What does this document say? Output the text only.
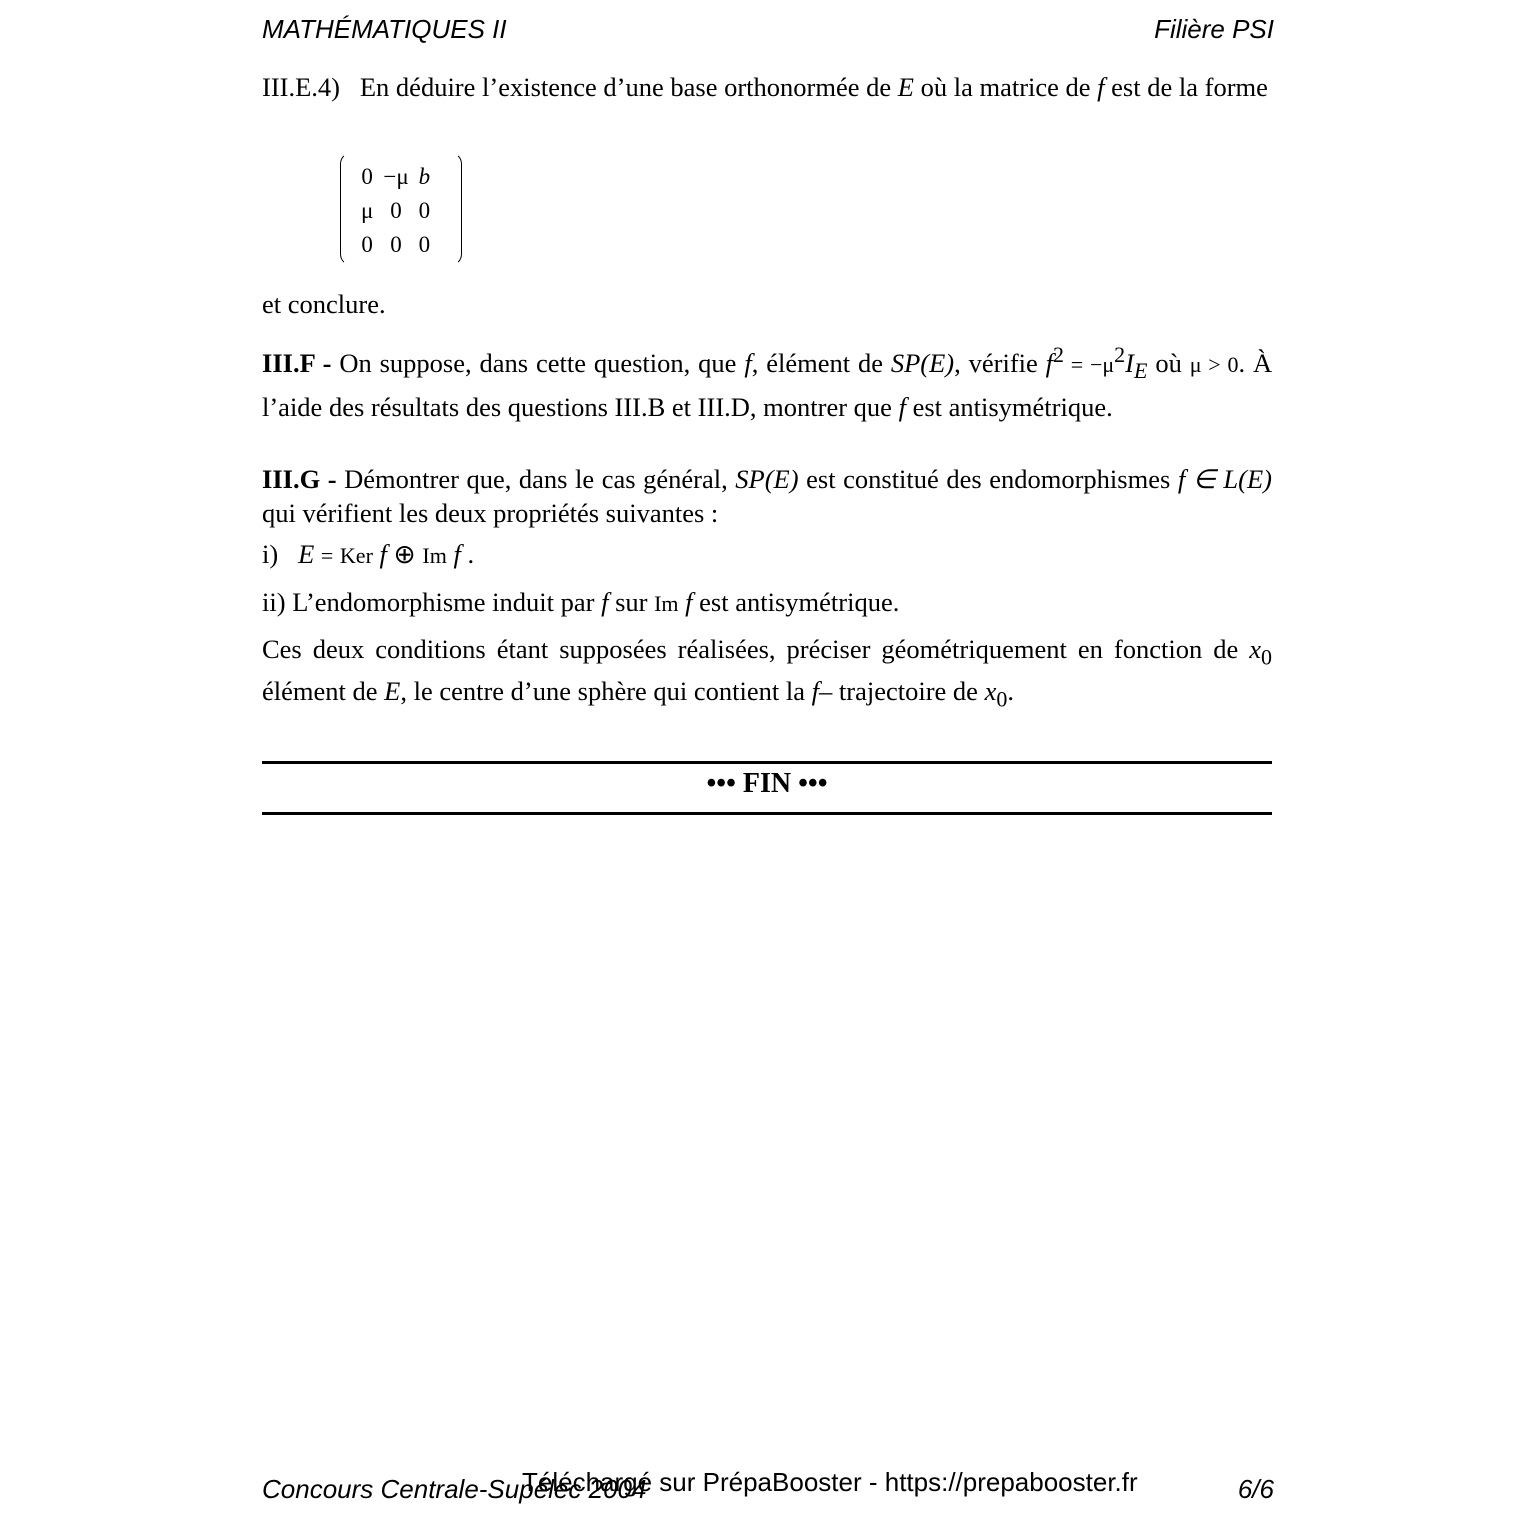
MATHÉMATIQUES II	Filière PSI
III.E.4) En déduire l’existence d’une base orthonormée de E où la matrice de f est de la forme
0	−μ	b
μ	0	0
0	0	0
et conclure.
III.F - On suppose, dans cette question, que f, élément de SP(E), vérifie $f^2 = -\mu^2I_E$ où μ > 0. À l’aide des résultats des questions III.B et III.D, montrer que f est antisymétrique.
III.G - Démontrer que, dans le cas général, SP(E) est constitué des endomorphismes f ∈ L(E) qui vérifient les deux propriétés suivantes :
i) E = Ker f ⊕ Im f .
ii) L’endomorphisme induit par f sur Im f est antisymétrique.
Ces deux conditions étant supposées réalisées, préciser géométriquement en fonction de $x_0$ élément de E, le centre d’une sphère qui contient la f– trajectoire de $x_0$.
••• FIN •••
Concours Centrale-Supélec 2004
Téléchargé sur PrépaBooster - https://prepabooster.fr	6/6
